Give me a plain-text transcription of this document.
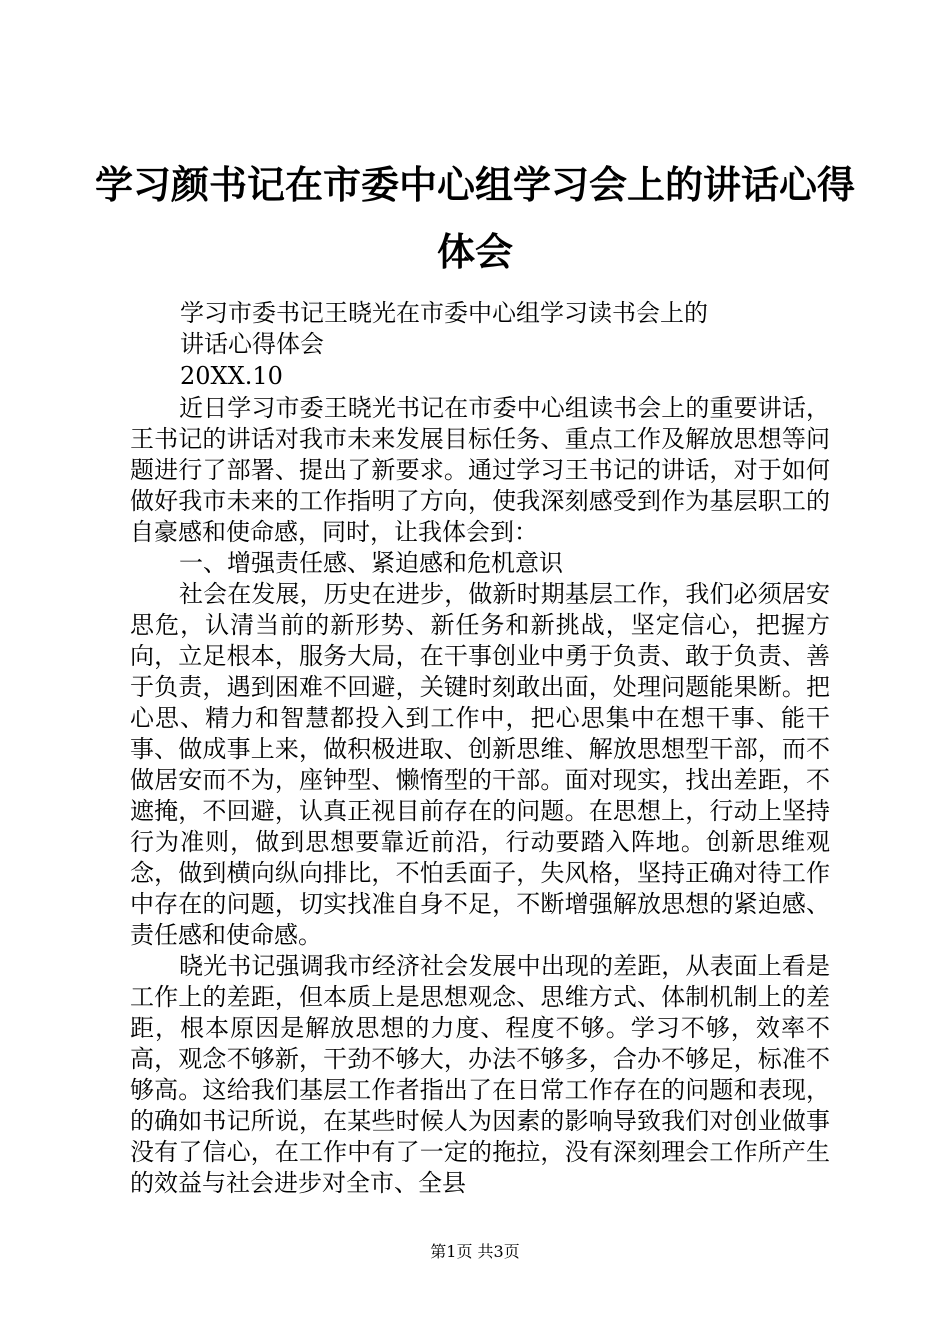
学习颜书记在市委中心组学习会上的讲话心得
体会
学习市委书记王晓光在市委中心组学习读书会上的
讲话心得体会
20XX.10

近日学习市委王晓光书记在市委中心组读书会上的重要讲话，王书记的讲话对我市未来发展目标任务、重点工作及解放思想等问题进行了部署、提出了新要求。通过学习王书记的讲话，对于如何做好我市未来的工作指明了方向，使我深刻感受到作为基层职工的自豪感和使命感，同时，让我体会到：

一、增强责任感、紧迫感和危机意识

社会在发展，历史在进步，做新时期基层工作，我们必须居安思危，认清当前的新形势、新任务和新挑战，坚定信心，把握方向，立足根本，服务大局，在干事创业中勇于负责、敢于负责、善于负责，遇到困难不回避，关键时刻敢出面，处理问题能果断。把心思、精力和智慧都投入到工作中，把心思集中在想干事、能干事、做成事上来，做积极进取、创新思维、解放思想型干部，而不做居安而不为，座钟型、懒惰型的干部。面对现实，找出差距，不遮掩，不回避，认真正视目前存在的问题。在思想上，行动上坚持行为准则，做到思想要靠近前沿，行动要踏入阵地。创新思维观念，做到横向纵向排比，不怕丢面子，失风格，坚持正确对待工作中存在的问题，切实找准自身不足，不断增强解放思想的紧迫感、责任感和使命感。

晓光书记强调我市经济社会发展中出现的差距，从表面上看是工作上的差距，但本质上是思想观念、思维方式、体制机制上的差距，根本原因是解放思想的力度、程度不够。学习不够，效率不高，观念不够新，干劲不够大，办法不够多，合办不够足，标准不够高。这给我们基层工作者指出了在日常工作存在的问题和表现，的确如书记所说，在某些时候人为因素的影响导致我们对创业做事没有了信心，在工作中有了一定的拖拉，没有深刻理会工作所产生的效益与社会进步对全市、全县

第1页 共3页
